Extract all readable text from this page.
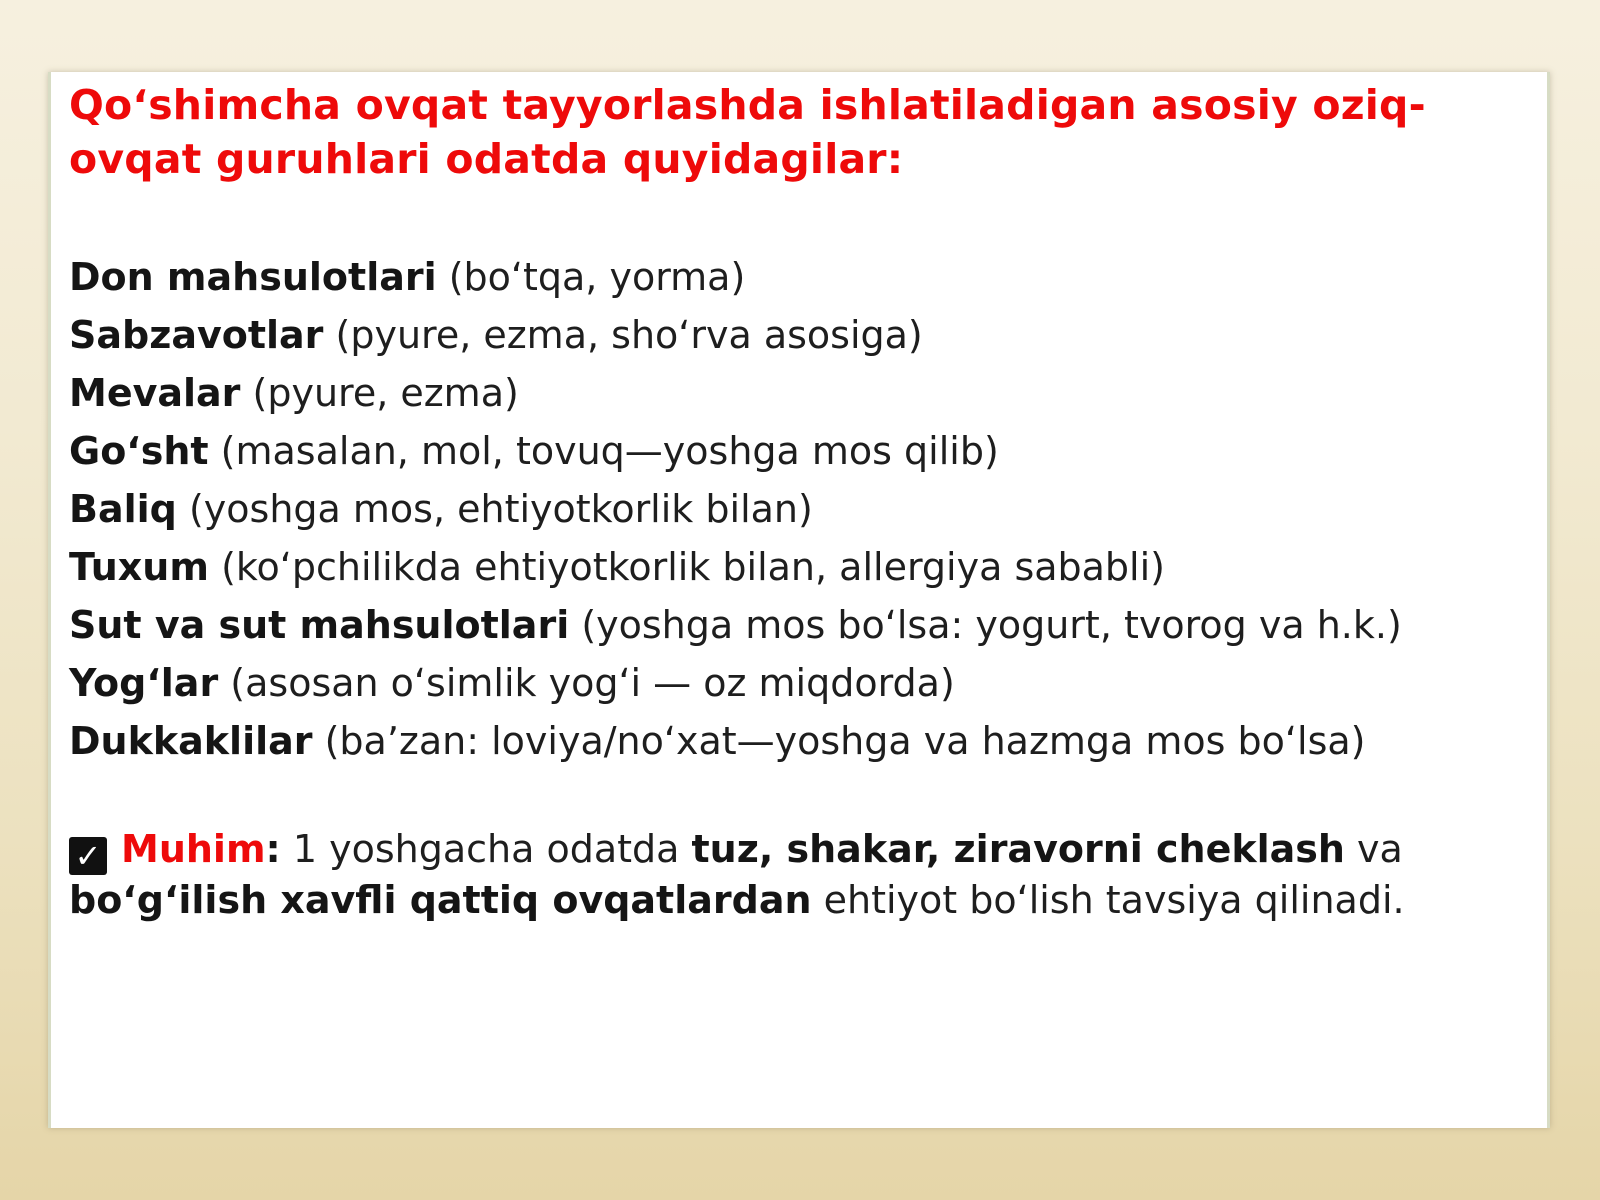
Qo‘shimcha ovqat tayyorlashda ishlatiladigan asosiy oziq-
ovqat guruhlari odatda quyidagilar:
Don mahsulotlari (bo‘tqa, yorma)
Sabzavotlar (pyure, ezma, sho‘rva asosiga)
Mevalar (pyure, ezma)
Go‘sht (masalan, mol, tovuq—yoshga mos qilib)
Baliq (yoshga mos, ehtiyotkorlik bilan)
Tuxum (ko‘pchilikda ehtiyotkorlik bilan, allergiya sababli)
Sut va sut mahsulotlari (yoshga mos bo‘lsa: yogurt, tvorog va h.k.)
Yog‘lar (asosan o‘simlik yog‘i — oz miqdorda)
Dukkaklilar (ba’zan: loviya/no‘xat—yoshga va hazmga mos bo‘lsa)
✓ Muhim: 1 yoshgacha odatda tuz, shakar, ziravorni cheklash va
bo‘g‘ilish xavfli qattiq ovqatlardan ehtiyot bo‘lish tavsiya qilinadi.
